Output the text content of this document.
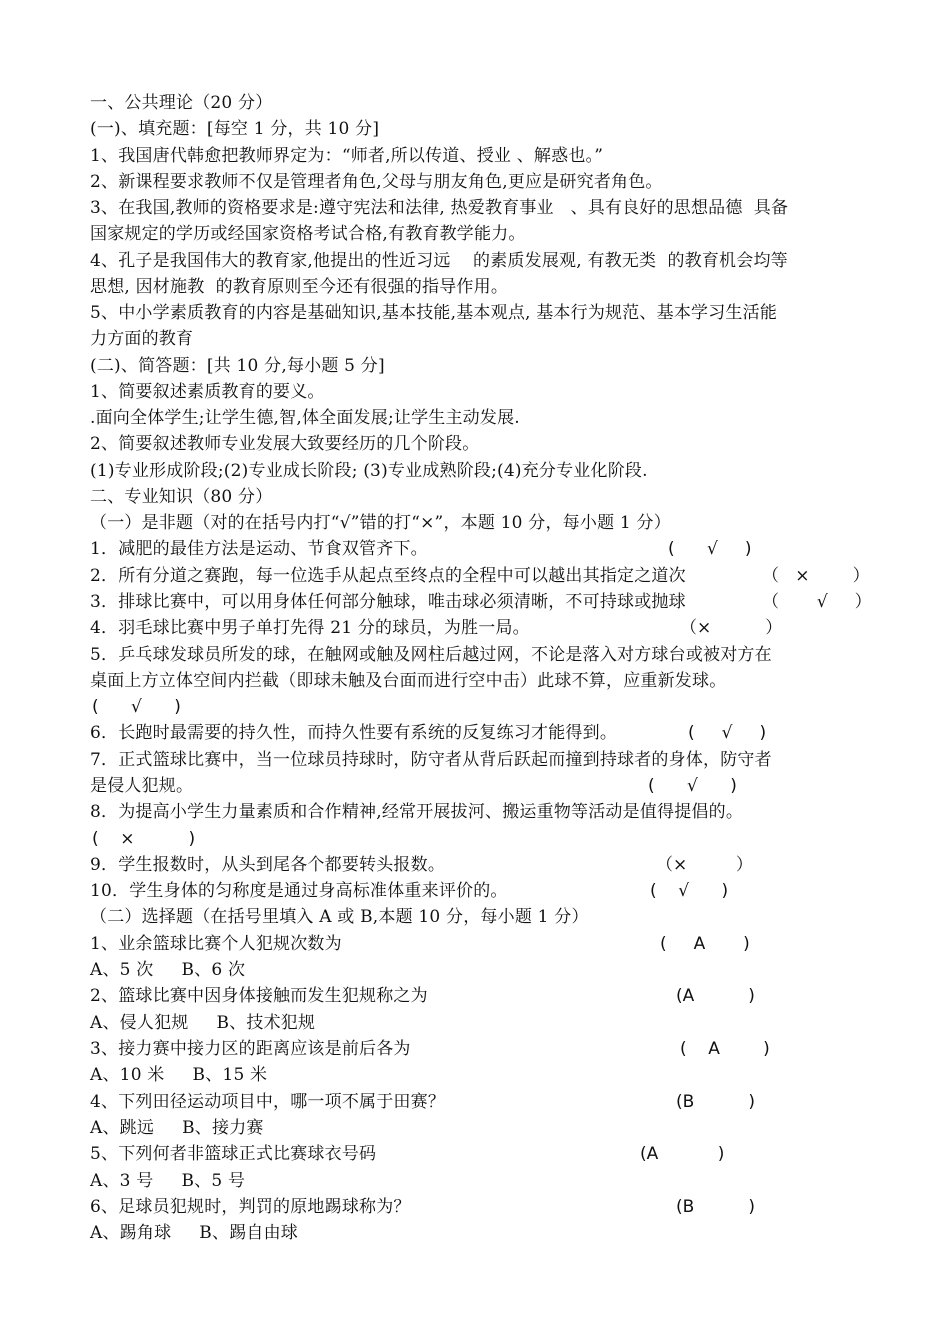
一、公共理论（20 分）
(一)、填充题：[每空 1 分，共 10 分]
1、我国唐代韩愈把教师界定为：“师者,所以传道、授业 、解惑也。”
2、新课程要求教师不仅是管理者角色,父母与朋友角色,更应是研究者角色。
3、在我国,教师的资格要求是:遵守宪法和法律, 热爱教育事业   、具有良好的思想品德  具备
国家规定的学历或经国家资格考试合格,有教育教学能力。
4、孔子是我国伟大的教育家,他提出的性近习远    的素质发展观, 有教无类  的教育机会均等
思想, 因材施教  的教育原则至今还有很强的指导作用。
5、中小学素质教育的内容是基础知识,基本技能,基本观点, 基本行为规范、基本学习生活能
力方面的教育
(二)、简答题：[共 10 分,每小题 5 分]
1、简要叙述素质教育的要义。
.面向全体学生;让学生德,智,体全面发展;让学生主动发展.
2、简要叙述教师专业发展大致要经历的几个阶段。
(1)专业形成阶段;(2)专业成长阶段; (3)专业成熟阶段;(4)充分专业化阶段.
二、专业知识（80 分）
（一）是非题（对的在括号内打“√”错的打“×”，本题 10 分，每小题 1 分）
1．减肥的最佳方法是运动、节食双管齐下。
2．所有分道之赛跑，每一位选手从起点至终点的全程中可以越出其指定之道次
3．排球比赛中，可以用身体任何部分触球，唯击球必须清晰，不可持球或抛球
4．羽毛球比赛中男子单打先得 21 分的球员，为胜一局。
5．乒乓球发球员所发的球，在触网或触及网柱后越过网，不论是落入对方球台或被对方在
桌面上方立体空间内拦截（即球未触及台面而进行空中击）此球不算，应重新发球。
6．长跑时最需要的持久性，而持久性要有系统的反复练习才能得到。
7．正式篮球比赛中，当一位球员持球时，防守者从背后跃起而撞到持球者的身体，防守者
是侵人犯规。
8．为提高小学生力量素质和合作精神,经常开展拔河、搬运重物等活动是值得提倡的。
9．学生报数时，从头到尾各个都要转头报数。
10．学生身体的匀称度是通过身高标准体重来评价的。
（二）选择题（在括号里填入 A 或 B,本题 10 分，每小题 1 分）
1、业余篮球比赛个人犯规次数为
A、5 次     B、6 次
2、篮球比赛中因身体接触而发生犯规称之为
A、侵人犯规     B、技术犯规
3、接力赛中接力区的距离应该是前后各为
A、10 米     B、15 米
4、下列田径运动项目中，哪一项不属于田赛？
A、跳远     B、接力赛
5、下列何者非篮球正式比赛球衣号码
A、3 号     B、5 号
6、足球员犯规时，判罚的原地踢球称为？
A、踢角球     B、踢自由球
(      √     )
（   ×        ）
（       √     ）
（×          ）
(      √      )
(     √     )
(      √      )
(    ×          )
（×         ）
(    √      )
(     A       )
(A          )
(    A        )
(B          )
(A           )
(B          )
